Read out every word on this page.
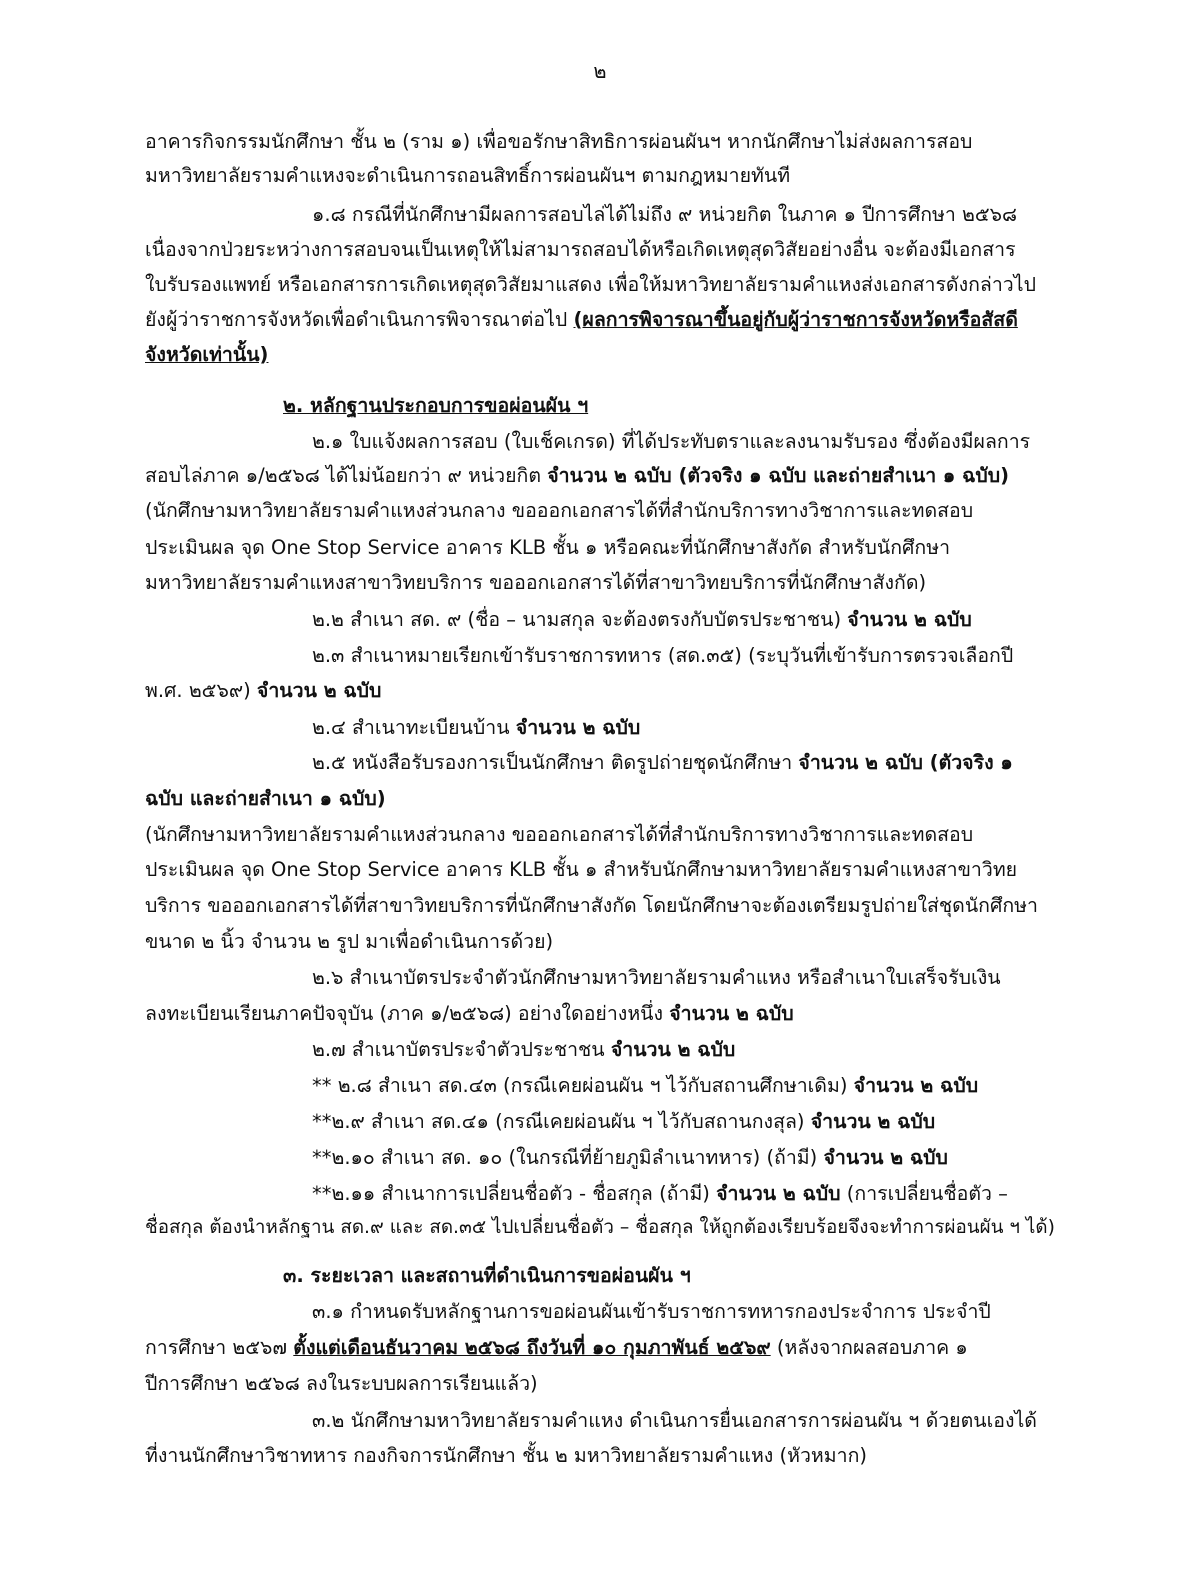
๒
อาคารกิจกรรมนักศึกษา ชั้น ๒ (ราม ๑) เพื่อขอรักษาสิทธิการผ่อนผันฯ หากนักศึกษาไม่ส่งผลการสอบ
มหาวิทยาลัยรามคำแหงจะดำเนินการถอนสิทธิ์การผ่อนผันฯ ตามกฎหมายทันที
๑.๘ กรณีที่นักศึกษามีผลการสอบไล่ได้ไม่ถึง ๙ หน่วยกิต ในภาค ๑ ปีการศึกษา ๒๕๖๘
เนื่องจากป่วยระหว่างการสอบจนเป็นเหตุให้ไม่สามารถสอบได้หรือเกิดเหตุสุดวิสัยอย่างอื่น จะต้องมีเอกสาร
ใบรับรองแพทย์ หรือเอกสารการเกิดเหตุสุดวิสัยมาแสดง เพื่อให้มหาวิทยาลัยรามคำแหงส่งเอกสารดังกล่าวไป
ยังผู้ว่าราชการจังหวัดเพื่อดำเนินการพิจารณาต่อไป (ผลการพิจารณาขึ้นอยู่กับผู้ว่าราชการจังหวัดหรือสัสดี
จังหวัดเท่านั้น)
๒. หลักฐานประกอบการขอผ่อนผัน ฯ
๒.๑ ใบแจ้งผลการสอบ (ใบเช็คเกรด) ที่ได้ประทับตราและลงนามรับรอง ซึ่งต้องมีผลการ
สอบไล่ภาค ๑/๒๕๖๘ ได้ไม่น้อยกว่า ๙ หน่วยกิต จำนวน ๒ ฉบับ (ตัวจริง ๑ ฉบับ และถ่ายสำเนา ๑ ฉบับ)
(นักศึกษามหาวิทยาลัยรามคำแหงส่วนกลาง ขอออกเอกสารได้ที่สำนักบริการทางวิชาการและทดสอบ
ประเมินผล จุด One Stop Service อาคาร KLB ชั้น ๑ หรือคณะที่นักศึกษาสังกัด สำหรับนักศึกษา
มหาวิทยาลัยรามคำแหงสาขาวิทยบริการ ขอออกเอกสารได้ที่สาขาวิทยบริการที่นักศึกษาสังกัด)
๒.๒ สำเนา สด. ๙ (ชื่อ – นามสกุล จะต้องตรงกับบัตรประชาชน) จำนวน ๒ ฉบับ
๒.๓ สำเนาหมายเรียกเข้ารับราชการทหาร (สด.๓๕) (ระบุวันที่เข้ารับการตรวจเลือกปี
พ.ศ. ๒๕๖๙) จำนวน ๒ ฉบับ
๒.๔ สำเนาทะเบียนบ้าน จำนวน ๒ ฉบับ
๒.๕ หนังสือรับรองการเป็นนักศึกษา ติดรูปถ่ายชุดนักศึกษา จำนวน ๒ ฉบับ (ตัวจริง ๑
ฉบับ และถ่ายสำเนา ๑ ฉบับ)
(นักศึกษามหาวิทยาลัยรามคำแหงส่วนกลาง ขอออกเอกสารได้ที่สำนักบริการทางวิชาการและทดสอบ
ประเมินผล จุด One Stop Service อาคาร KLB ชั้น ๑ สำหรับนักศึกษามหาวิทยาลัยรามคำแหงสาขาวิทย
บริการ ขอออกเอกสารได้ที่สาขาวิทยบริการที่นักศึกษาสังกัด โดยนักศึกษาจะต้องเตรียมรูปถ่ายใส่ชุดนักศึกษา
ขนาด ๒ นิ้ว จำนวน ๒ รูป มาเพื่อดำเนินการด้วย)
๒.๖ สำเนาบัตรประจำตัวนักศึกษามหาวิทยาลัยรามคำแหง หรือสำเนาใบเสร็จรับเงิน
ลงทะเบียนเรียนภาคปัจจุบัน (ภาค ๑/๒๕๖๘) อย่างใดอย่างหนึ่ง จำนวน ๒ ฉบับ
๒.๗ สำเนาบัตรประจำตัวประชาชน จำนวน ๒ ฉบับ
** ๒.๘ สำเนา สด.๔๓ (กรณีเคยผ่อนผัน ฯ ไว้กับสถานศึกษาเดิม) จำนวน ๒ ฉบับ
**๒.๙ สำเนา สด.๔๑ (กรณีเคยผ่อนผัน ฯ ไว้กับสถานกงสุล) จำนวน ๒ ฉบับ
**๒.๑๐ สำเนา สด. ๑๐ (ในกรณีที่ย้ายภูมิลำเนาทหาร) (ถ้ามี) จำนวน ๒ ฉบับ
**๒.๑๑ สำเนาการเปลี่ยนชื่อตัว - ชื่อสกุล (ถ้ามี) จำนวน ๒ ฉบับ (การเปลี่ยนชื่อตัว –
ชื่อสกุล ต้องนำหลักฐาน สด.๙ และ สด.๓๕ ไปเปลี่ยนชื่อตัว – ชื่อสกุล ให้ถูกต้องเรียบร้อยจึงจะทำการผ่อนผัน ฯ ได้)
๓. ระยะเวลา และสถานที่ดำเนินการขอผ่อนผัน ฯ
๓.๑ กำหนดรับหลักฐานการขอผ่อนผันเข้ารับราชการทหารกองประจำการ ประจำปี
การศึกษา ๒๕๖๗ ตั้งแต่เดือนธันวาคม ๒๕๖๘ ถึงวันที่ ๑๐ กุมภาพันธ์ ๒๕๖๙ (หลังจากผลสอบภาค ๑
ปีการศึกษา ๒๕๖๘ ลงในระบบผลการเรียนแล้ว)
๓.๒ นักศึกษามหาวิทยาลัยรามคำแหง ดำเนินการยื่นเอกสารการผ่อนผัน ฯ ด้วยตนเองได้
ที่งานนักศึกษาวิชาทหาร กองกิจการนักศึกษา ชั้น ๒ มหาวิทยาลัยรามคำแหง (หัวหมาก)
